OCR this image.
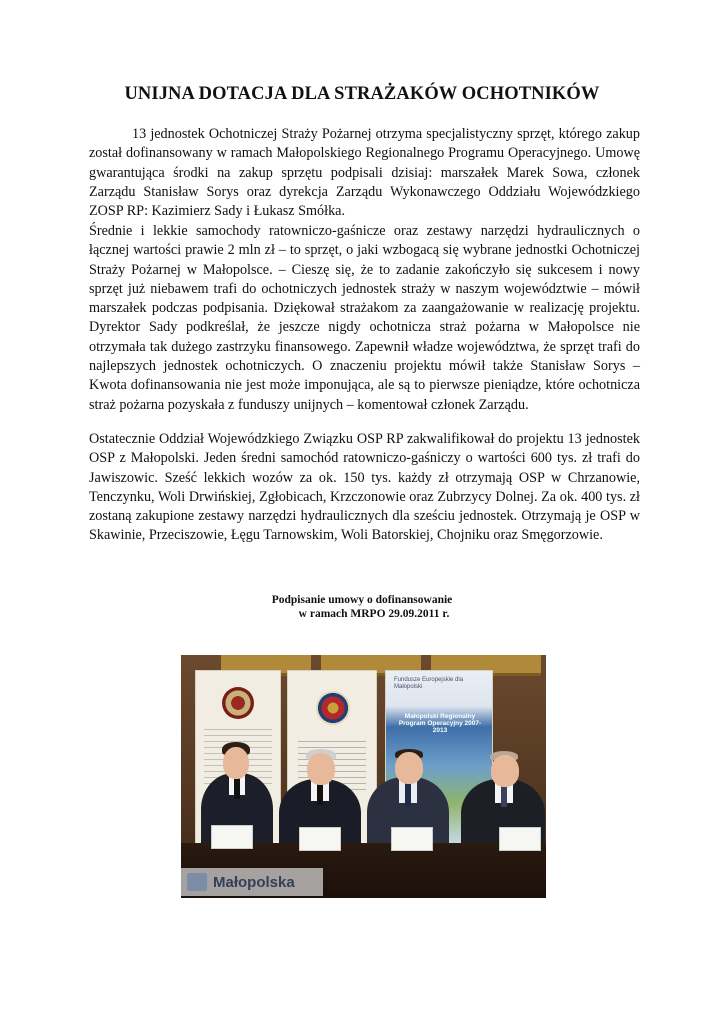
UNIJNA DOTACJA DLA STRAŻAKÓW OCHOTNIKÓW

13 jednostek Ochotniczej Straży Pożarnej otrzyma specjalistyczny sprzęt, którego zakup został dofinansowany w ramach Małopolskiego Regionalnego Programu Operacyjnego. Umowę gwarantująca środki na zakup sprzętu podpisali dzisiaj: marszałek Marek Sowa, członek Zarządu Stanisław Sorys oraz dyrekcja Zarządu Wykonawczego Oddziału Wojewódzkiego ZOSP RP: Kazimierz Sady i Łukasz Smółka.

Średnie i lekkie samochody ratowniczo-gaśnicze oraz zestawy narzędzi hydraulicznych o łącznej wartości prawie 2 mln zł – to sprzęt, o jaki wzbogacą się wybrane jednostki Ochotniczej Straży Pożarnej w Małopolsce. – Cieszę się, że to zadanie zakończyło się sukcesem i nowy sprzęt już niebawem trafi do ochotniczych jednostek straży w naszym województwie – mówił marszałek podczas podpisania. Dziękował strażakom za zaangażowanie w realizację projektu. Dyrektor Sady podkreślał, że jeszcze nigdy ochotnicza straż pożarna w Małopolsce nie otrzymała tak dużego zastrzyku finansowego. Zapewnił władze województwa, że sprzęt trafi do najlepszych jednostek ochotniczych. O znaczeniu projektu mówił także Stanisław Sorys – Kwota dofinansowania nie jest może imponująca, ale są to pierwsze pieniądze, które ochotnicza straż pożarna pozyskała z funduszy unijnych – komentował członek Zarządu.

Ostatecznie Oddział Wojewódzkiego Związku OSP RP zakwalifikował do projektu 13 jednostek OSP z Małopolski. Jeden średni samochód ratowniczo-gaśniczy o wartości 600 tys. zł trafi do Jawiszowic. Sześć lekkich wozów za ok. 150 tys. każdy zł otrzymają OSP w Chrzanowie, Tenczynku, Woli Drwińskiej, Zgłobicach, Krzczonowie oraz Zubrzycy Dolnej. Za ok. 400 tys. zł zostaną zakupione zestawy narzędzi hydraulicznych dla sześciu jednostek. Otrzymają je OSP w Skawinie, Przeciszowie, Łęgu Tarnowskim, Woli Batorskiej, Chojniku oraz Smęgorzowie.

Podpisanie umowy o dofinansowanie

w ramach MRPO 29.09.2011 r.

Fundusze Europejskie dla Małopolski
Małopolski Regionalny Program Operacyjny 2007-2013
Małopolska
